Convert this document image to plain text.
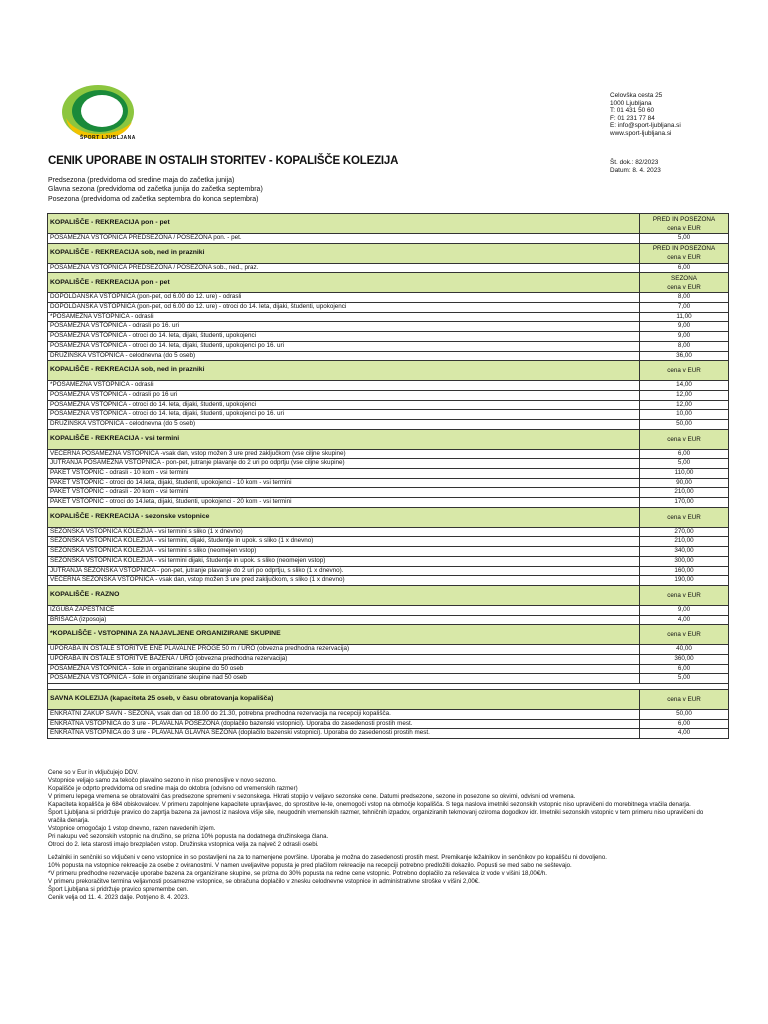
ŠPORT LJUBLJANA
Celovška cesta 25
1000 Ljubljana
T: 01 431 50 60
F: 01 231 77 84
E: info@sport-ljubljana.si
www.sport-ljubljana.si
Št. dok.: 82/2023
Datum: 8. 4. 2023
CENIK UPORABE IN OSTALIH STORITEV - KOPALIŠČE KOLEZIJA
Predsezona (predvidoma od sredine maja do začetka junija)
Glavna sezona (predvidoma od začetka junija do začetka septembra)
Posezona (predvidoma od začetka septembra do konca septembra)
KOPALIŠČE - REKREACIJA pon - pet	PRED IN POSEZONA
cena v EUR

POSAMEZNA VSTOPNICA PREDSEZONA / POSEZONA pon. - pet.	5,00
KOPALIŠČE - REKREACIJA sob, ned in prazniki	PRED IN POSEZONA
cena v EUR

POSAMEZNA VSTOPNICA PREDSEZONA / POSEZONA sob., ned., praz.	6,00
KOPALIŠČE - REKREACIJA pon - pet	SEZONA
cena v EUR

DOPOLDANSKA VSTOPNICA (pon-pet, od 6.00 do 12. ure) - odrasli	8,00
DOPOLDANSKA VSTOPNICA (pon-pet, od 6.00 do 12. ure) - otroci do 14. leta, dijaki, študenti, upokojenci	7,00
*POSAMEZNA VSTOPNICA - odrasli	11,00
POSAMEZNA VSTOPNICA - odrasli po 16. uri	9,00
POSAMEZNA VSTOPNICA - otroci do 14. leta, dijaki, študenti, upokojenci	9,00
POSAMEZNA VSTOPNICA - otroci do 14. leta, dijaki, študenti, upokojenci po 16. uri	8,00
DRUŽINSKA VSTOPNICA - celodnevna (do 5 oseb)	36,00
KOPALIŠČE - REKREACIJA sob, ned in prazniki	cena v EUR

*POSAMEZNA VSTOPNICA - odrasli	14,00
POSAMEZNA VSTOPNICA - odrasli po 16 uri	12,00
POSAMEZNA VSTOPNICA - otroci do 14. leta, dijaki, študenti, upokojenci	12,00
POSAMEZNA VSTOPNICA - otroci do 14. leta, dijaki, študenti, upokojenci po 16. uri	10,00
DRUŽINSKA VSTOPNICA - celodnevna (do 5 oseb)	50,00
KOPALIŠČE - REKREACIJA - vsi termini	cena v EUR

VEČERNA POSAMEZNA VSTOPNICA -vsak dan, vstop možen 3 ure pred zaključkom (vse ciljne skupine)	6,00
JUTRANJA POSAMEZNA VSTOPNICA - pon-pet, jutranje plavanje do 2 uri po odprtju (vse ciljne skupine)	5,00
PAKET VSTOPNIC - odrasli - 10 kom - vsi termini	110,00
PAKET VSTOPNIC - otroci do 14.leta, dijaki, študenti, upokojenci - 10 kom - vsi termini	90,00
PAKET VSTOPNIC - odrasli - 20 kom - vsi termini	210,00
PAKET VSTOPNIC - otroci do 14.leta, dijaki, študenti, upokojenci - 20 kom - vsi termini	170,00
KOPALIŠČE - REKREACIJA - sezonske vstopnice	cena v EUR

SEZONSKA VSTOPNICA KOLEZIJA - vsi termini s sliko (1 x dnevno)	270,00
SEZONSKA VSTOPNICA KOLEZIJA - vsi termini, dijaki, študentje in upok. s sliko (1 x dnevno)	210,00
SEZONSKA VSTOPNICA KOLEZIJA - vsi termini s sliko (neomejen vstop)	340,00
SEZONSKA VSTOPNICA KOLEZIJA - vsi termini dijaki, študentje in upok. s sliko (neomejen vstop)	300,00
JUTRANJA SEZONSKA VSTOPNICA - pon-pet, jutranje plavanje do 2 uri po odprtju, s sliko (1 x dnevno).	160,00
VEČERNA SEZONSKA VSTOPNICA - vsak dan, vstop možen 3 ure pred zaključkom, s sliko (1 x dnevno)	190,00
KOPALIŠČE - RAZNO	cena v EUR

IZGUBA ZAPESTNICE	9,00
BRISAČA (izposoja)	4,00
*KOPALIŠČE - VSTOPNINA ZA NAJAVLJENE ORGANIZIRANE SKUPINE	cena v EUR

UPORABA IN OSTALE STORITVE ENE PLAVALNE PROGE 50 m / URO (obvezna predhodna rezervacija)	40,00
UPORABA IN OSTALE STORITVE BAZENA / URO (obvezna predhodna rezervacija)	360,00
POSAMEZNA VSTOPNICA - šole in organizirane skupine do 50 oseb	6,00
POSAMEZNA VSTOPNICA - šole in organizirane skupine nad 50 oseb	5,00

SAVNA KOLEZIJA (kapaciteta 25 oseb, v času obratovanja kopališča)	cena v EUR

ENKRATNI ZAKUP SAVN - SEZONA, vsak dan od 18.00 do 21.30, potrebna predhodna rezervacija na recepciji kopališča.	50,00
ENKRATNA VSTOPNICA do 3 ure - PLAVALNA POSEZONA (doplačilo bazenski vstopnici). Uporaba do zasedenosti prostih mest.	6,00
ENKRATNA VSTOPNICA do 3 ure - PLAVALNA GLAVNA SEZONA (doplačilo bazenski vstopnici). Uporaba do zasedenosti prostih mest.	4,00

Cene so v Eur in vključujejo DDV.

Vstopnice veljajo samo za tekočo plavalno sezono in niso prenosljive v novo sezono.

Kopališče je odprto predvidoma od sredine maja do oktobra (odvisno od vremenskih razmer)

V primeru lepega vremena se obratovalni čas predsezone spremeni v sezonskega. Hkrati stopijo v veljavo sezonske cene. Datumi predsezone, sezone in posezone so okvirni, odvisni od vremena.

Kapaciteta kopališča je 684 obiskovalcev. V primeru zapolnjene kapacitete upravljavec, do sprostitve le-te, onemogoči vstop na območje kopališča. S tega naslova imetniki sezonskih vstopnic niso upravičeni do morebitnega vračila denarja.

Šport Ljubljana si pridržuje pravico do zaprtja bazena za javnost iz naslova višje sile, neugodnih vremenskih razmer, tehničnih izpadov, organiziranih tekmovanj oziroma dogodkov idr. Imetniki sezonskih vstopnic v tem primeru niso upravičeni do vračila denarja.

Vstopnice omogočajo 1 vstop dnevno, razen navedenih izjem.

Pri nakupu več sezonskih vstopnic na družino, se prizna 10% popusta na dodatnega družinskega člana.

Otroci do 2. leta starosti imajo brezplačen vstop. Družinska vstopnica velja za največ 2 odrasli osebi.

Ležalniki in senčniki so vključeni v ceno vstopnice in so postavljeni na za to namenjene površine. Uporaba je možna do zasedenosti prostih mest. Premikanje ležalnikov in senčnikov po kopališču ni dovoljeno.

10% popusta na vstopnice rekreacije za osebe z oviranostmi. V namen uveljavitve popusta je pred plačilom rekreacije na recepciji potrebno predložiti dokazilo. Popusti se med sabo ne seštevajo.

*V primeru predhodne rezervacije uporabe bazena za organizirane skupine, se prizna do 30% popusta na redne cene vstopnic. Potrebno doplačilo za reševalca iz vode v višini 18,00€/h.

V primeru prekoračitve termina veljavnosti posamezne vstopnice, se obračuna doplačilo v znesku celodnevne vstopnice in administrativne stroške v višini 2,00€.

Šport Ljubljana si pridržuje pravico spremembe cen.

Cenik velja od 11. 4. 2023 dalje. Potrjeno 8. 4. 2023.
